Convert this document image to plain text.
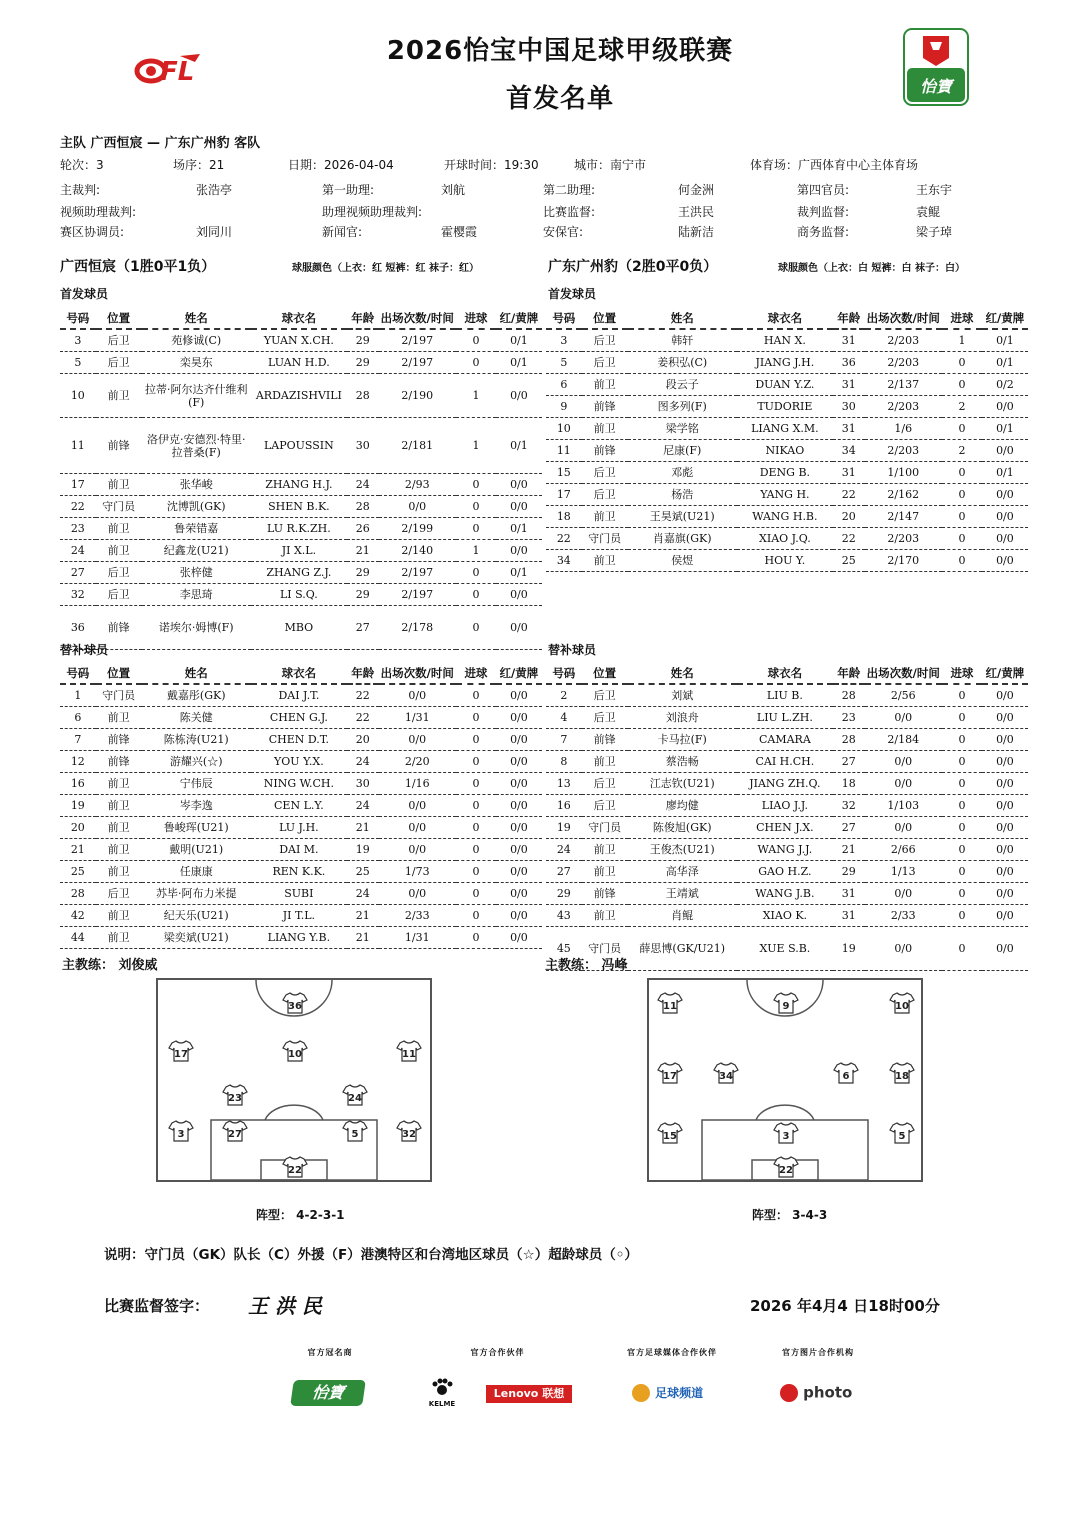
FL	怡寶
2026怡宝中国足球甲级联赛
首发名单
主队 广西恒宸 — 广东广州豹 客队
轮次：3	场序：21	日期：2026-04-04	开球时间：19:30	城市：南宁市	体育场：广西体育中心主体育场
主裁判:	张浩亭	第一助理:	刘航	第二助理:	何金洲	第四官员:	王东宇
视频助理裁判:	助理视频助理裁判:	比赛监督:	王洪民	裁判监督:	袁鲲
赛区协调员:	刘同川	新闻官:	霍樱霞	安保官:	陆新洁	商务监督:	梁子琸
广西恒宸（1胜0平1负）	球服颜色（上衣：红 短裤：红 袜子：红）	广东广州豹（2胜0平0负）	球服颜色（上衣：白 短裤：白 袜子：白）
首发球员	首发球员
号码	位置	姓名	球衣名	年龄	出场次数/时间	进球	红/黄牌
3	后卫	苑修诚(C)	YUAN X.CH.	29	2/197	0	0/1
5	后卫	栾昊东	LUAN H.D.	29	2/197	0	0/1
10	前卫	拉蒂·阿尔达齐什维利(F)	ARDAZISHVILI	28	2/190	1	0/0
11	前锋	洛伊克·安德烈·特里·拉普桑(F)	LAPOUSSIN	30	2/181	1	0/1
17	前卫	张华峻	ZHANG H.J.	24	2/93	0	0/0
22	守门员	沈博凯(GK)	SHEN B.K.	28	0/0	0	0/0
23	前卫	鲁荣错嘉	LU R.K.ZH.	26	2/199	0	0/1
24	前卫	纪鑫龙(U21)	JI X.L.	21	2/140	1	0/0
27	后卫	张梓健	ZHANG Z.J.	29	2/197	0	0/1
32	后卫	李思琦	LI S.Q.	29	2/197	0	0/0
36	前锋	诺埃尔·姆博(F)	MBO	27	2/178	0	0/0
号码	位置	姓名	球衣名	年龄	出场次数/时间	进球	红/黄牌
3	后卫	韩轩	HAN X.	31	2/203	1	0/1
5	后卫	姜积弘(C)	JIANG J.H.	36	2/203	0	0/1
6	前卫	段云子	DUAN Y.Z.	31	2/137	0	0/2
9	前锋	图多列(F)	TUDORIE	30	2/203	2	0/0
10	前卫	梁学铭	LIANG X.M.	31	1/6	0	0/1
11	前锋	尼康(F)	NIKAO	34	2/203	2	0/0
15	后卫	邓彪	DENG B.	31	1/100	0	0/1
17	后卫	杨浩	YANG H.	22	2/162	0	0/0
18	前卫	王昊斌(U21)	WANG H.B.	20	2/147	0	0/0
22	守门员	肖嘉旗(GK)	XIAO J.Q.	22	2/203	0	0/0
34	前卫	侯煜	HOU Y.	25	2/170	0	0/0
替补球员	替补球员
号码	位置	姓名	球衣名	年龄	出场次数/时间	进球	红/黄牌
1	守门员	戴嘉彤(GK)	DAI J.T.	22	0/0	0	0/0
6	前卫	陈关健	CHEN G.J.	22	1/31	0	0/0
7	前锋	陈栋涛(U21)	CHEN D.T.	20	0/0	0	0/0
12	前锋	游耀兴(☆)	YOU Y.X.	24	2/20	0	0/0
16	前卫	宁伟辰	NING W.CH.	30	1/16	0	0/0
19	前卫	岑李逸	CEN L.Y.	24	0/0	0	0/0
20	前卫	鲁峻珲(U21)	LU J.H.	21	0/0	0	0/0
21	前卫	戴明(U21)	DAI M.	19	0/0	0	0/0
25	前卫	任康康	REN K.K.	25	1/73	0	0/0
28	后卫	苏毕·阿布力米提	SUBI	24	0/0	0	0/0
42	前卫	纪天乐(U21)	JI T.L.	21	2/33	0	0/0
44	前卫	梁奕斌(U21)	LIANG Y.B.	21	1/31	0	0/0
号码	位置	姓名	球衣名	年龄	出场次数/时间	进球	红/黄牌
2	后卫	刘斌	LIU B.	28	2/56	0	0/0
4	后卫	刘浪舟	LIU L.ZH.	23	0/0	0	0/0
7	前锋	卡马拉(F)	CAMARA	28	2/184	0	0/0
8	前卫	蔡浩畅	CAI H.CH.	27	0/0	0	0/0
13	后卫	江志钦(U21)	JIANG ZH.Q.	18	0/0	0	0/0
16	后卫	廖均健	LIAO J.J.	32	1/103	0	0/0
19	守门员	陈俊旭(GK)	CHEN J.X.	27	0/0	0	0/0
24	前卫	王俊杰(U21)	WANG J.J.	21	2/66	0	0/0
27	前卫	高华泽	GAO H.Z.	29	1/13	0	0/0
29	前锋	王靖斌	WANG J.B.	31	0/0	0	0/0
43	前卫	肖鲲	XIAO K.	31	2/33	0	0/0
45	守门员	薛思博(GK/U21)	XUE S.B.	19	0/0	0	0/0
主教练： 刘俊威	主教练： 冯峰
36
17	10	11
23	24
3	27	5	32
22
11	9	10
17	34	6	18
15	3	5
22
阵型： 4-2-3-1	阵型： 3-4-3
说明：守门员（GK）队长（C）外援（F）港澳特区和台湾地区球员（☆）超龄球员（◦）
比赛监督签字： 王 洪 民	2026 年4月4 日18时00分
官方冠名商	官方合作伙伴	官方足球媒体合作伙伴	官方图片合作机构
怡寶
KELME
Lenovo 联想	足球频道	photo
